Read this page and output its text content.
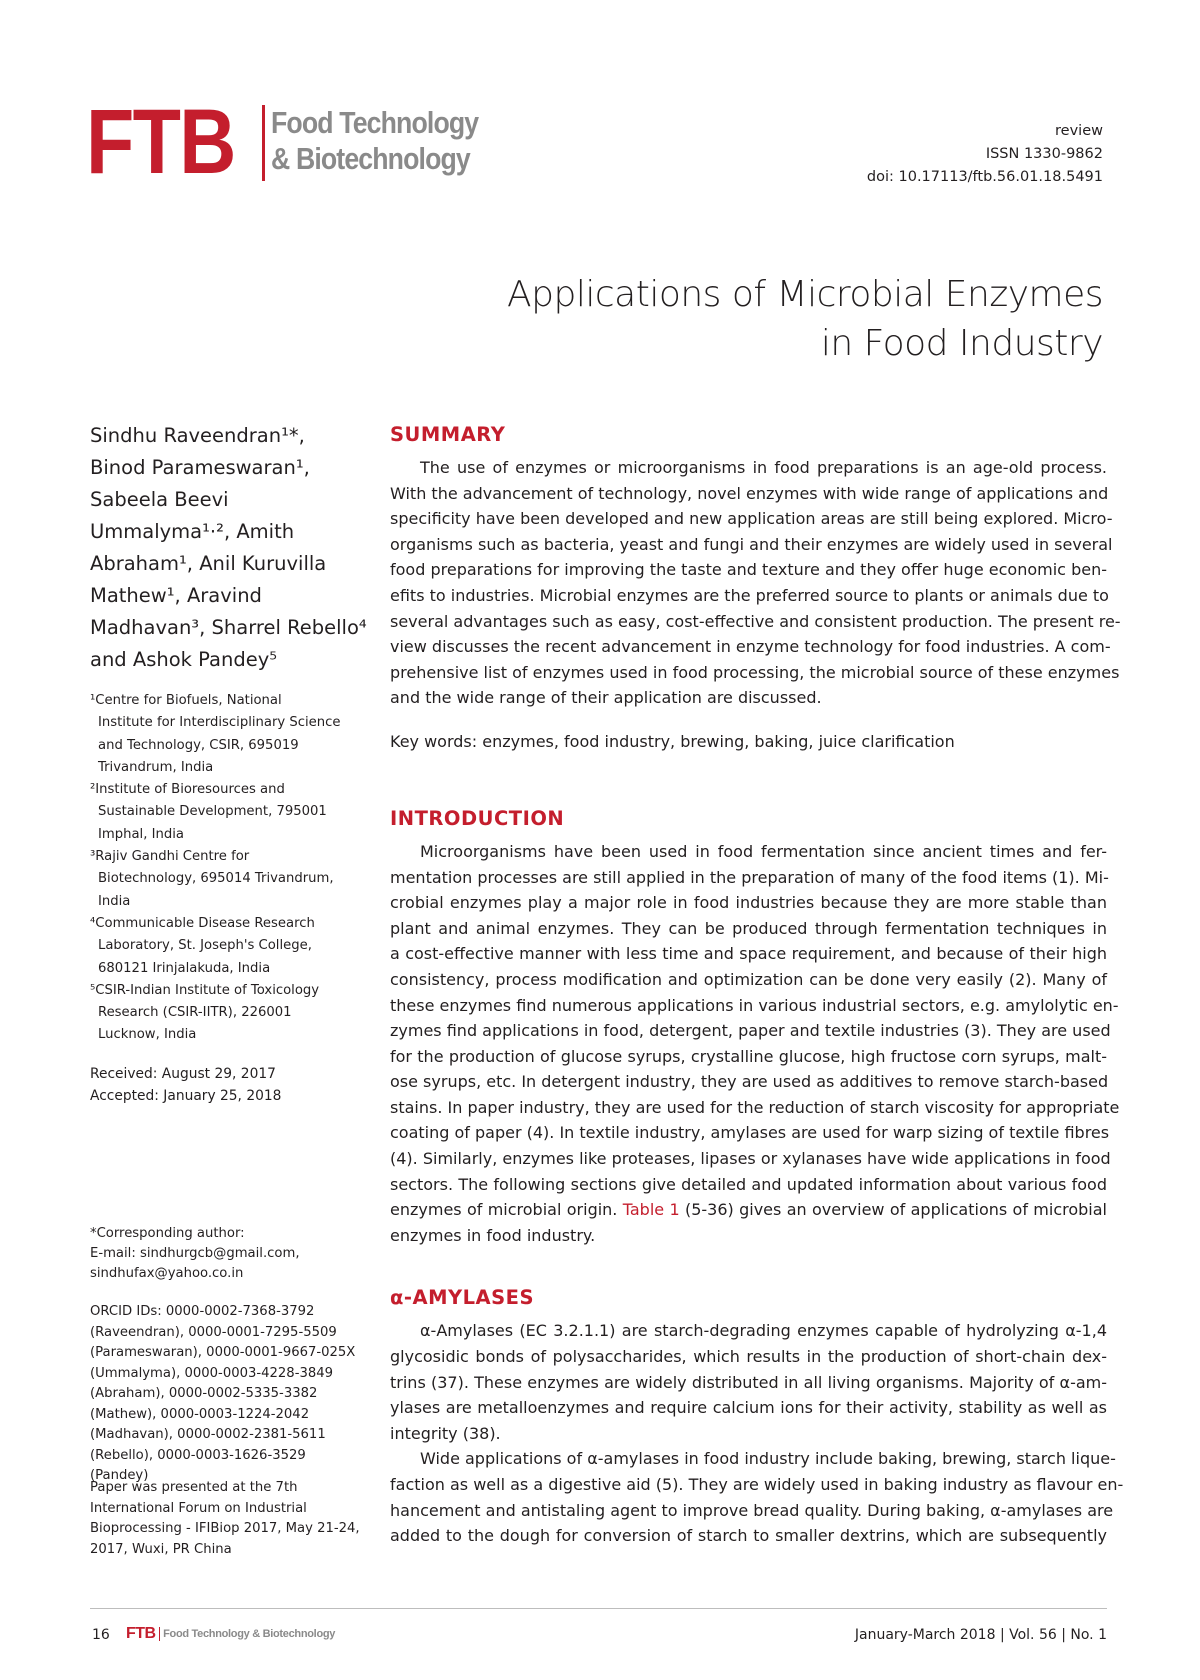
FTB Food Technology
& Biotechnology
review
ISSN 1330-9862
doi: 10.17113/ftb.56.01.18.5491
Applications of Microbial Enzymes
in Food Industry
Sindhu Raveendran¹*,
Binod Parameswaran¹,
Sabeela Beevi
Ummalyma¹·², Amith
Abraham¹, Anil Kuruvilla
Mathew¹, Aravind
Madhavan³, Sharrel Rebello⁴
and Ashok Pandey⁵
¹Centre for Biofuels, National
Institute for Interdisciplinary Science
and Technology, CSIR, 695019
Trivandrum, India
²Institute of Bioresources and
Sustainable Development, 795001
Imphal, India
³Rajiv Gandhi Centre for
Biotechnology, 695014 Trivandrum,
India
⁴Communicable Disease Research
Laboratory, St. Joseph's College,
680121 Irinjalakuda, India
⁵CSIR-Indian Institute of Toxicology
Research (CSIR-IITR), 226001
Lucknow, India
Received: August 29, 2017
Accepted: January 25, 2018
*Corresponding author:
E-mail: sindhurgcb@gmail.com,
sindhufax@yahoo.co.in
ORCID IDs: 0000-0002-7368-3792
(Raveendran), 0000-0001-7295-5509
(Parameswaran), 0000-0001-9667-025X
(Ummalyma), 0000-0003-4228-3849
(Abraham), 0000-0002-5335-3382
(Mathew), 0000-0003-1224-2042
(Madhavan), 0000-0002-2381-5611
(Rebello), 0000-0003-1626-3529
(Pandey)
Paper was presented at the 7th
International Forum on Industrial
Bioprocessing - IFIBiop 2017, May 21-24,
2017, Wuxi, PR China
SUMMARY

The use of enzymes or microorganisms in food preparations is an age-old process.
With the advancement of technology, novel enzymes with wide range of applications and
specificity have been developed and new application areas are still being explored. Micro-
organisms such as bacteria, yeast and fungi and their enzymes are widely used in several
food preparations for improving the taste and texture and they offer huge economic ben-
efits to industries. Microbial enzymes are the preferred source to plants or animals due to
several advantages such as easy, cost-effective and consistent production. The present re-
view discusses the recent advancement in enzyme technology for food industries. A com-
prehensive list of enzymes used in food processing, the microbial source of these enzymes
and the wide range of their application are discussed.

Key words: enzymes, food industry, brewing, baking, juice clarification
INTRODUCTION

Microorganisms have been used in food fermentation since ancient times and fer-
mentation processes are still applied in the preparation of many of the food items (1). Mi-
crobial enzymes play a major role in food industries because they are more stable than
plant and animal enzymes. They can be produced through fermentation techniques in
a cost-effective manner with less time and space requirement, and because of their high
consistency, process modification and optimization can be done very easily (2). Many of
these enzymes find numerous applications in various industrial sectors, e.g. amylolytic en-
zymes find applications in food, detergent, paper and textile industries (3). They are used
for the production of glucose syrups, crystalline glucose, high fructose corn syrups, malt-
ose syrups, etc. In detergent industry, they are used as additives to remove starch-based
stains. In paper industry, they are used for the reduction of starch viscosity for appropriate
coating of paper (4). In textile industry, amylases are used for warp sizing of textile fibres
(4). Similarly, enzymes like proteases, lipases or xylanases have wide applications in food
sectors. The following sections give detailed and updated information about various food
enzymes of microbial origin. Table 1 (5-36) gives an overview of applications of microbial
enzymes in food industry.

α-AMYLASES

α-Amylases (EC 3.2.1.1) are starch-degrading enzymes capable of hydrolyzing α-1,4
glycosidic bonds of polysaccharides, which results in the production of short-chain dex-
trins (37). These enzymes are widely distributed in all living organisms. Majority of α-am-
ylases are metalloenzymes and require calcium ions for their activity, stability as well as
integrity (38).
Wide applications of α-amylases in food industry include baking, brewing, starch lique-
faction as well as a digestive aid (5). They are widely used in baking industry as flavour en-
hancement and antistaling agent to improve bread quality. During baking, α-amylases are
added to the dough for conversion of starch to smaller dextrins, which are subsequently

16 FTB Food Technology & Biotechnology	January-March 2018 | Vol. 56 | No. 1
